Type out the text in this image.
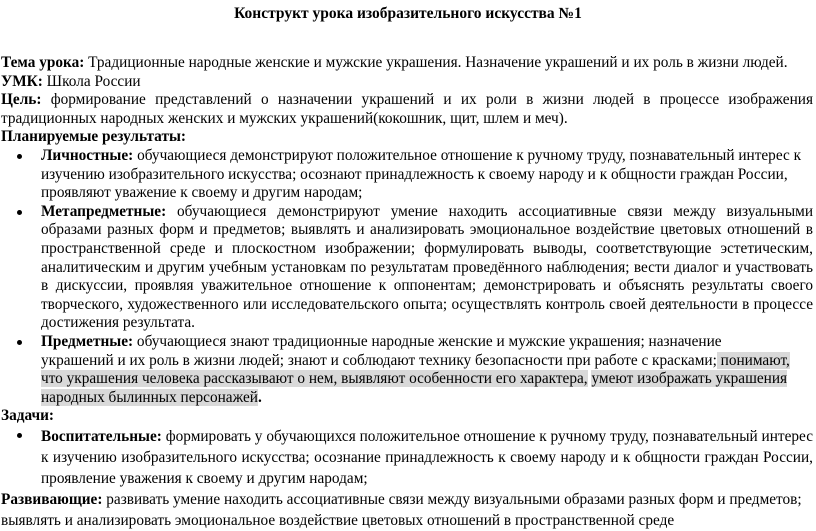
Конструкт урока изобразительного искусства №1

Тема урока: Традиционные народные женские и мужские украшения. Назначение украшений и их роль в жизни людей.

УМК: Школа России

Цель: формирование представлений о назначении украшений и их роли в жизни людей в процессе изображения традиционных народных женских и мужских украшений(кокошник, щит, шлем и меч).

Планируемые результаты:

Личностные: обучающиеся демонстрируют положительное отношение к ручному труду, познавательный интерес к изучению изобразительного искусства; осознают принадлежность к своему народу и к общности граждан России, проявляют уважение к своему и другим народам;
Метапредметные: обучающиеся демонстрируют умение находить ассоциативные связи между визуальными образами разных форм и предметов; выявлять и анализировать эмоциональное воздействие цветовых отношений в пространственной среде и плоскостном изображении; формулировать выводы, соответствующие эстетическим, аналитическим и другим учебным установкам по результатам проведённого наблюдения; вести диалог и участвовать в дискуссии, проявляя уважительное отношение к оппонентам; демонстрировать и объяснять результаты своего творческого, художественного или исследовательского опыта; осуществлять контроль своей деятельности в процессе достижения результата.
Предметные: обучающиеся знают традиционные народные женские и мужские украшения; назначение
украшений и их роль в жизни людей; знают и соблюдают технику безопасности при работе с красками; понимают,
что украшения человека рассказывают о нем, выявляют особенности его характера, умеют изображать украшения
народных былинных персонажей.

Задачи:

Воспитательные: формировать у обучающихся положительное отношение к ручному труду, познавательный интерес к изучению изобразительного искусства; осознание принадлежность к своему народу и к общности граждан России, проявление уважения к своему и другим народам;

Развивающие: развивать умение находить ассоциативные связи между визуальными образами разных форм и предметов; выявлять и анализировать эмоциональное воздействие цветовых отношений в пространственной среде
